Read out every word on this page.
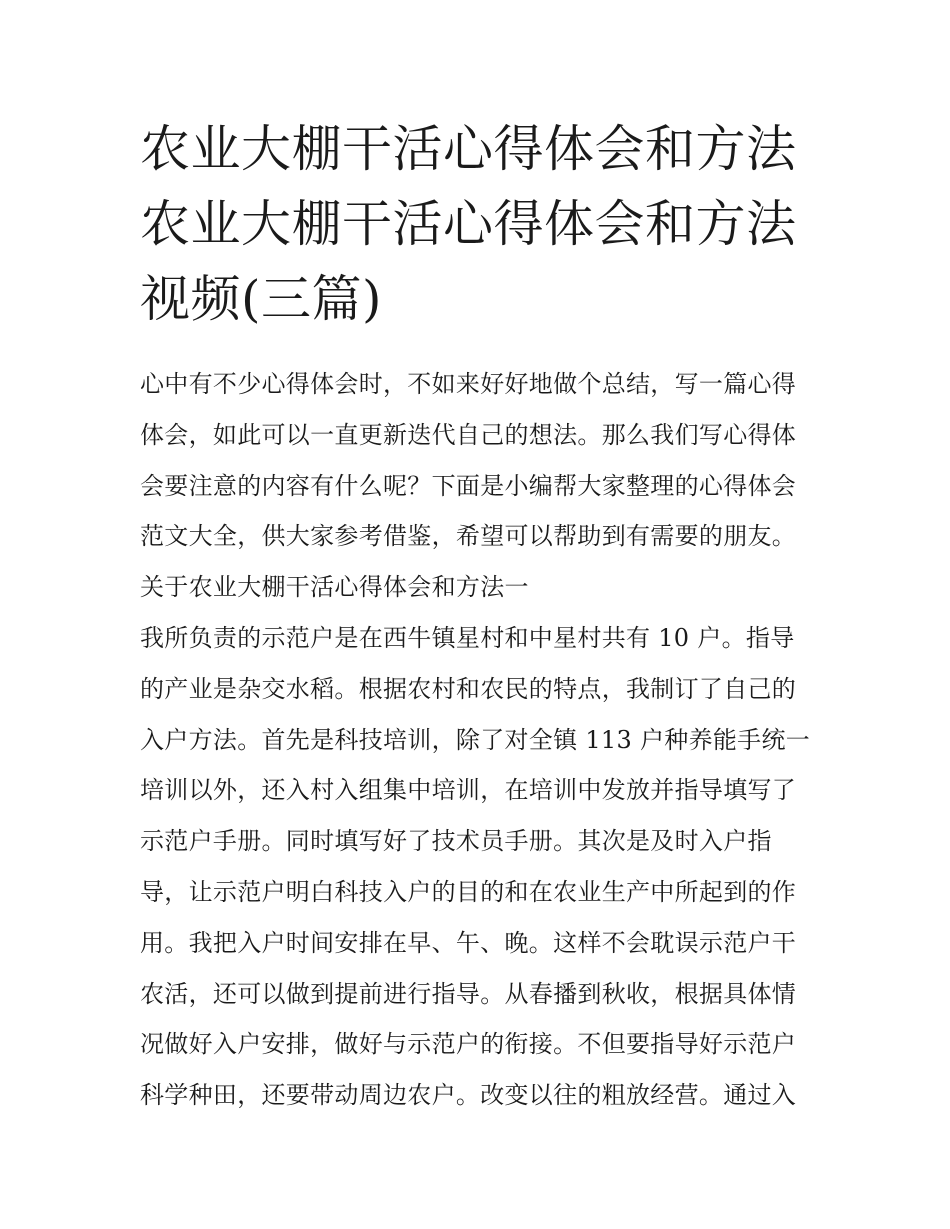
农业大棚干活心得体会和方法
农业大棚干活心得体会和方法
视频(三篇)
心中有不少心得体会时，不如来好好地做个总结，写一篇心得
体会，如此可以一直更新迭代自己的想法。那么我们写心得体
会要注意的内容有什么呢？下面是小编帮大家整理的心得体会
范文大全，供大家参考借鉴，希望可以帮助到有需要的朋友。
关于农业大棚干活心得体会和方法一
我所负责的示范户是在西牛镇星村和中星村共有 10 户。指导
的产业是杂交水稻。根据农村和农民的特点，我制订了自己的
入户方法。首先是科技培训，除了对全镇 113 户种养能手统一
培训以外，还入村入组集中培训，在培训中发放并指导填写了
示范户手册。同时填写好了技术员手册。其次是及时入户指
导，让示范户明白科技入户的目的和在农业生产中所起到的作
用。我把入户时间安排在早、午、晚。这样不会耽误示范户干
农活，还可以做到提前进行指导。从春播到秋收，根据具体情
况做好入户安排，做好与示范户的衔接。不但要指导好示范户
科学种田，还要带动周边农户。改变以往的粗放经营。通过入
